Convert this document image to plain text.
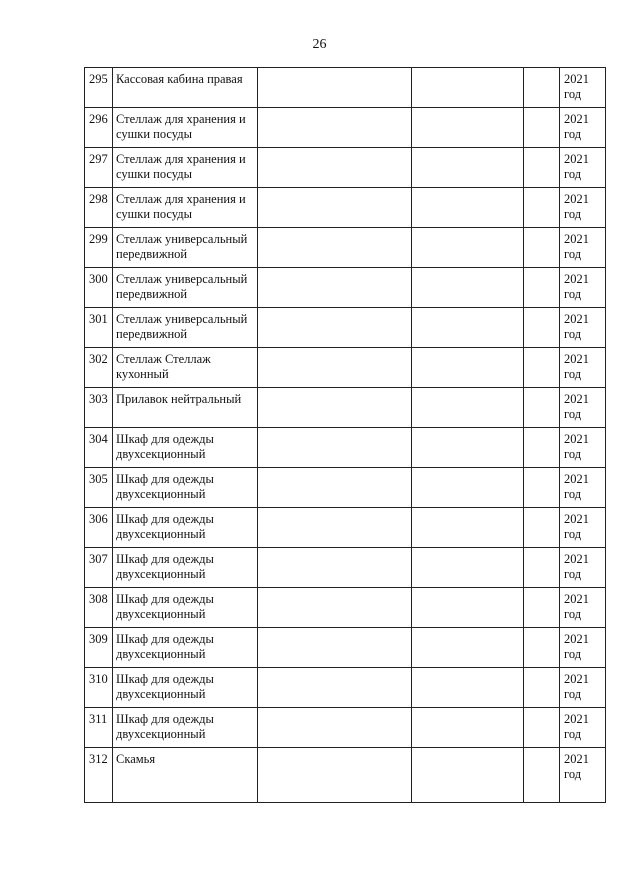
26
295	Кассовая кабина правая				2021
год

296	Стеллаж для хранения и сушки посуды				2021
год

297	Стеллаж для хранения и сушки посуды				2021
год

298	Стеллаж для хранения и сушки посуды				2021
год

299	Стеллаж универсальный передвижной				2021
год

300	Стеллаж универсальный передвижной				2021
год

301	Стеллаж универсальный передвижной				2021
год

302	Стеллаж Стеллаж кухонный				2021
год

303	Прилавок нейтральный				2021
год

304	Шкаф для одежды двухсекционный				2021
год

305	Шкаф для одежды двухсекционный				2021
год

306	Шкаф для одежды двухсекционный				2021
год

307	Шкаф для одежды двухсекционный				2021
год

308	Шкаф для одежды двухсекционный				2021
год

309	Шкаф для одежды двухсекционный				2021
год

310	Шкаф для одежды двухсекционный				2021
год

311	Шкаф для одежды двухсекционный				2021
год

312	Скамья				2021
год
